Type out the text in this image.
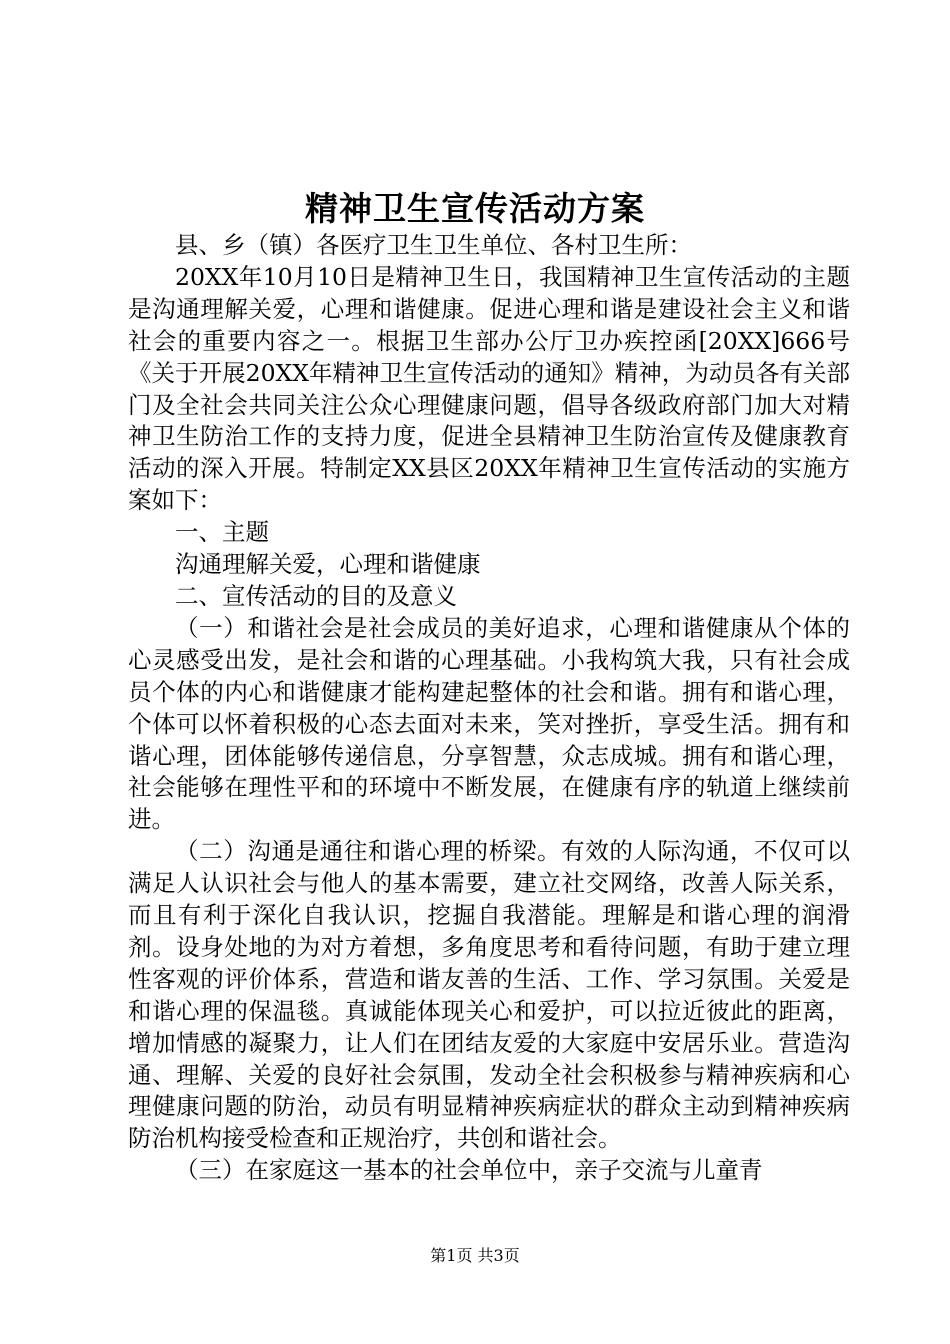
精神卫生宣传活动方案

县、乡（镇）各医疗卫生卫生单位、各村卫生所：

20XX年10月10日是精神卫生日，我国精神卫生宣传活动的主题是沟通理解关爱，心理和谐健康。促进心理和谐是建设社会主义和谐社会的重要内容之一。根据卫生部办公厅卫办疾控函[20XX]666号《关于开展20XX年精神卫生宣传活动的通知》精神，为动员各有关部门及全社会共同关注公众心理健康问题，倡导各级政府部门加大对精神卫生防治工作的支持力度，促进全县精神卫生防治宣传及健康教育活动的深入开展。特制定XX县区20XX年精神卫生宣传活动的实施方案如下：

一、主题

沟通理解关爱，心理和谐健康

二、宣传活动的目的及意义

（一）和谐社会是社会成员的美好追求，心理和谐健康从个体的心灵感受出发，是社会和谐的心理基础。小我构筑大我，只有社会成员个体的内心和谐健康才能构建起整体的社会和谐。拥有和谐心理，个体可以怀着积极的心态去面对未来，笑对挫折，享受生活。拥有和谐心理，团体能够传递信息，分享智慧，众志成城。拥有和谐心理，社会能够在理性平和的环境中不断发展，在健康有序的轨道上继续前进。

（二）沟通是通往和谐心理的桥梁。有效的人际沟通，不仅可以满足人认识社会与他人的基本需要，建立社交网络，改善人际关系，而且有利于深化自我认识，挖掘自我潜能。理解是和谐心理的润滑剂。设身处地的为对方着想，多角度思考和看待问题，有助于建立理性客观的评价体系，营造和谐友善的生活、工作、学习氛围。关爱是和谐心理的保温毯。真诚能体现关心和爱护，可以拉近彼此的距离，增加情感的凝聚力，让人们在团结友爱的大家庭中安居乐业。营造沟通、理解、关爱的良好社会氛围，发动全社会积极参与精神疾病和心理健康问题的防治，动员有明显精神疾病症状的群众主动到精神疾病防治机构接受检查和正规治疗，共创和谐社会。

（三）在家庭这一基本的社会单位中，亲子交流与儿童青

第1页 共3页
